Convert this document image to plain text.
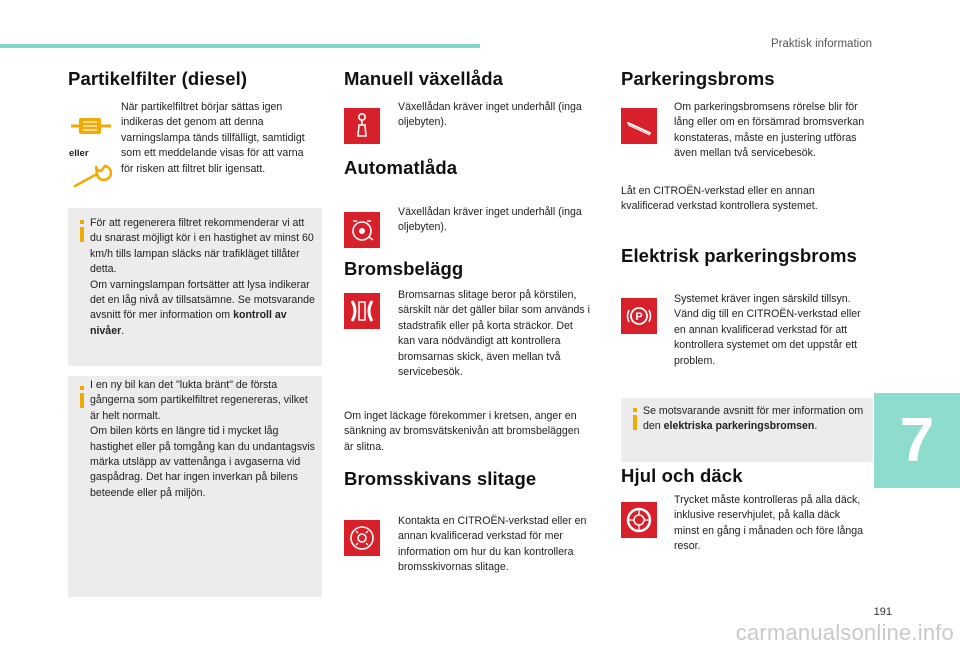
Praktisk information
Partikelfilter (diesel)
eller
När partikelfiltret börjar sättas igen indikeras det genom att denna varningslampa tänds tillfälligt, samtidigt som ett meddelande visas för att varna för risken att filtret blir igensatt.
För att regenerera filtret rekommenderar vi att du snarast möjligt kör i en hastighet av minst 60 km/h tills lampan släcks när trafikläget tillåter detta.
Om varningslampan fortsätter att lysa indikerar det en låg nivå av tillsatsämne. Se motsvarande avsnitt för mer information om kontroll av nivåer.
I en ny bil kan det "lukta bränt" de första gångerna som partikelfiltret regenereras, vilket är helt normalt.
Om bilen körts en längre tid i mycket låg hastighet eller på tomgång kan du undantagsvis märka utsläpp av vattenånga i avgaserna vid gaspådrag. Det har ingen inverkan på bilens beteende eller på miljön.
Manuell växellåda
Växellådan kräver inget underhåll (inga oljebyten).
Automatlåda
Växellådan kräver inget underhåll (inga oljebyten).
Bromsbelägg
Bromsarnas slitage beror på körstilen, särskilt när det gäller bilar som används i stadstrafik eller på korta sträckor. Det kan vara nödvändigt att kontrollera bromsarnas skick, även mellan två servicebesök.
Om inget läckage förekommer i kretsen, anger en sänkning av bromsvätskenivån att bromsbeläggen är slitna.
Bromsskivans slitage
Kontakta en CITROËN-verkstad eller en annan kvalificerad verkstad för mer information om hur du kan kontrollera bromsskivornas slitage.
Parkeringsbroms
Om parkeringsbromsens rörelse blir för lång eller om en försämrad bromsverkan konstateras, måste en justering utföras även mellan två servicebesök.
Låt en CITROËN-verkstad eller en annan kvalificerad verkstad kontrollera systemet.
Elektrisk parkeringsbroms
P
Systemet kräver ingen särskild tillsyn. Vänd dig till en CITROËN-verkstad eller en annan kvalificerad verkstad för att kontrollera systemet om det uppstår ett problem.
Se motsvarande avsnitt för mer information om den elektriska parkeringsbromsen.
Hjul och däck
Trycket måste kontrolleras på alla däck, inklusive reservhjulet, på kalla däck minst en gång i månaden och före långa resor.
7
191
carmanualsonline.info
